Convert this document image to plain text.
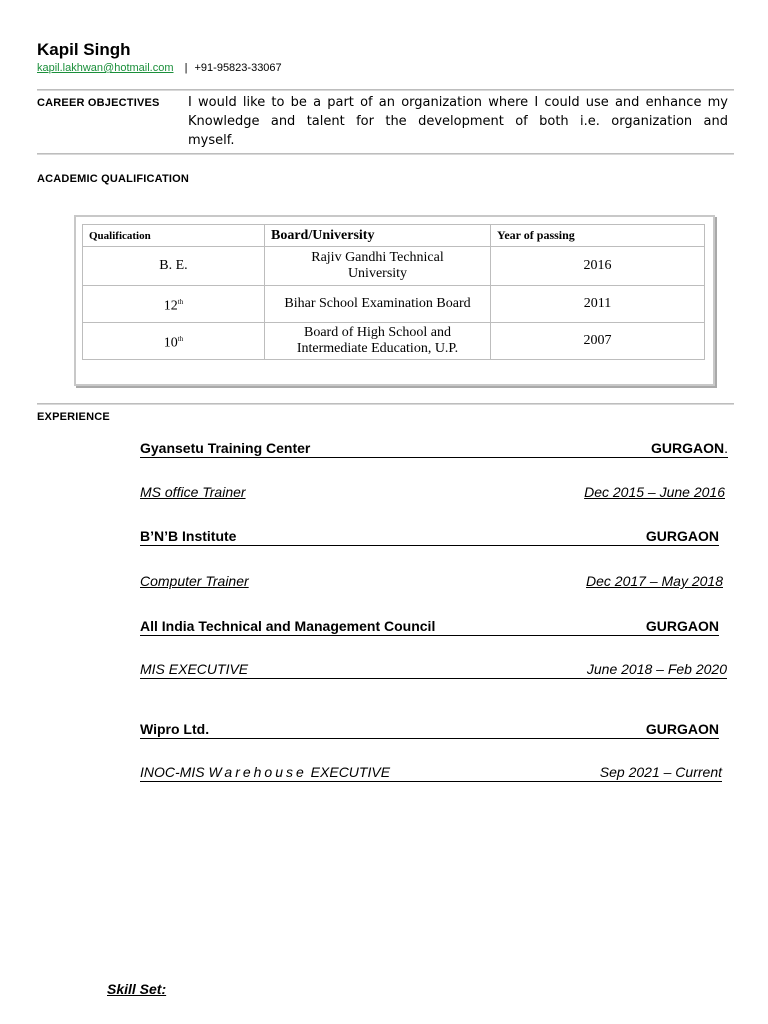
Kapil Singh
kapil.lakhwan@hotmail.com | +91-95823-33067
CAREER OBJECTIVES I would like to be a part of an organization where I could use and enhance my Knowledge and talent for the development of both i.e. organization and myself.
ACADEMIC QUALIFICATION
Qualification	Board/University	Year of passing
B. E.	Rajiv Gandhi Technical University	2016
12th	Bihar School Examination Board	2011
10th	Board of High School and Intermediate Education, U.P.	2007
EXPERIENCE
Gyansetu Training Center	GURGAON.
MS office Trainer	Dec 2015 – June 2016
B’N’B Institute	GURGAON
Computer Trainer	Dec 2017 – May 2018
All India Technical and Management Council	GURGAON
MIS EXECUTIVE	June 2018 – Feb 2020
Wipro Ltd.	GURGAON
INOC-MIS Warehouse EXECUTIVE	Sep 2021 – Current
Skill Set:
